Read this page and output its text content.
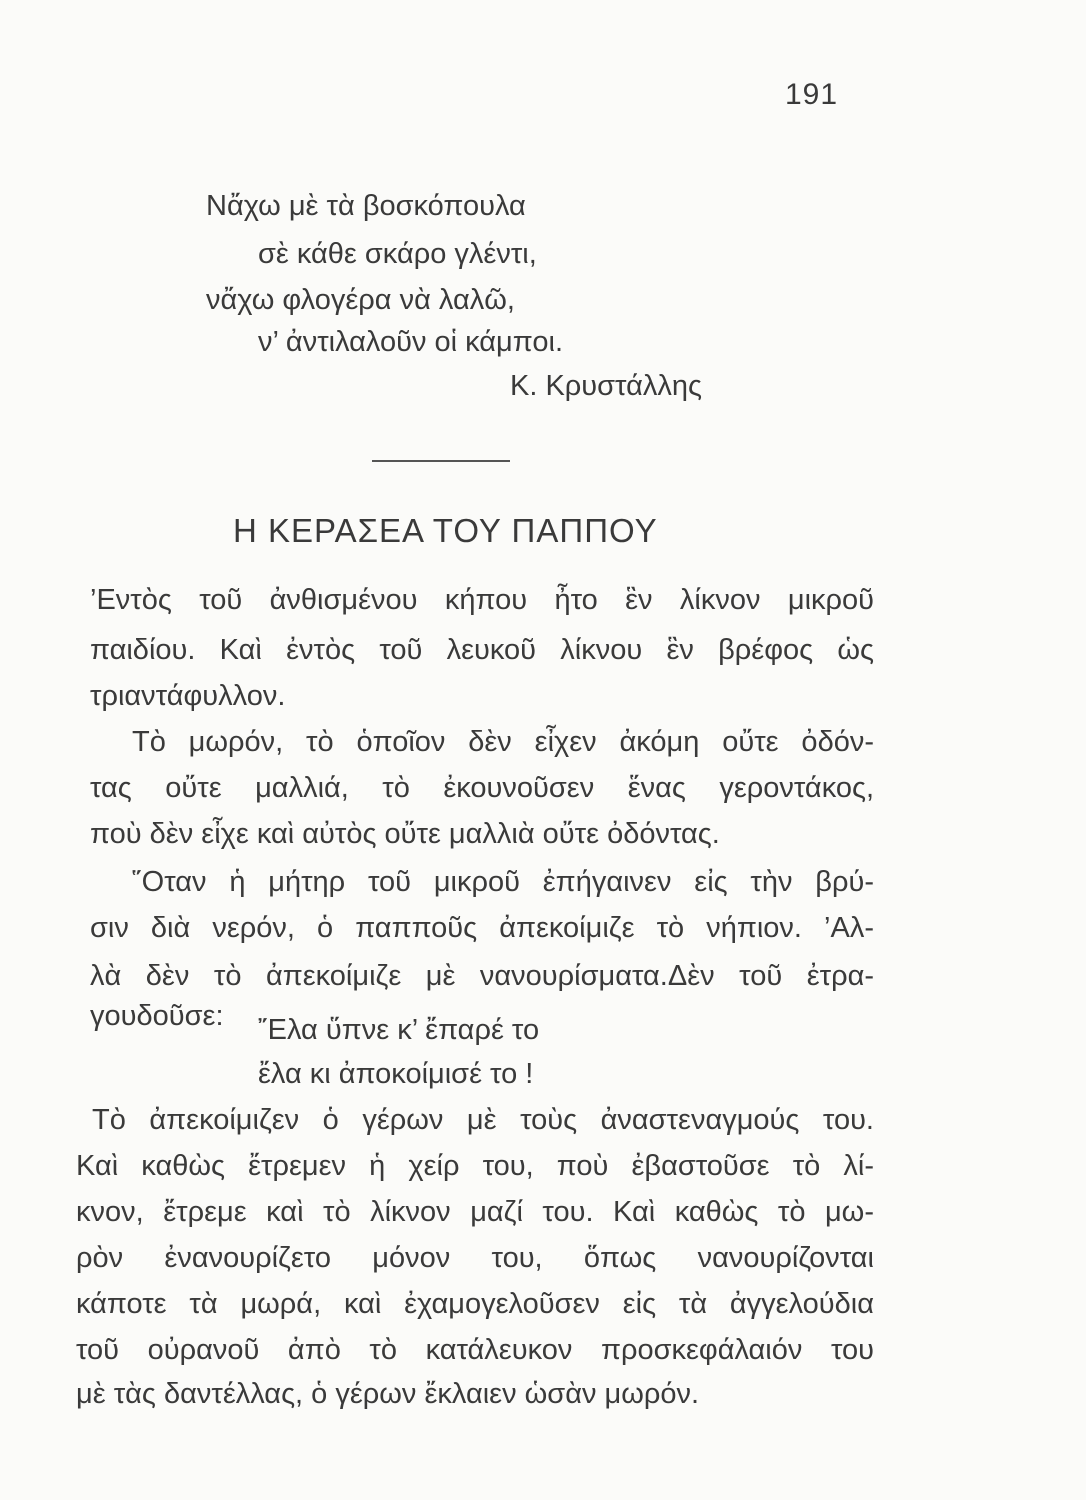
191
Νἄχω μὲ τὰ βοσκόπουλα
σὲ κάθε σκάρο γλέντι,
νἄχω φλογέρα νὰ λαλῶ,
ν’ ἀντιλαλοῦν οἱ κάμποι.
Κ. Κρυστάλλης
Η ΚΕΡΑΣΕΑ ΤΟΥ ΠΑΠΠΟΥ
’Εντὸς τοῦ ἀνθισμένου κήπου ἦτο ἓν λίκνον μικροῦ
παιδίου. Καὶ ἐντὸς τοῦ λευκοῦ λίκνου ἓν βρέφος ὡς
τριαντάφυλλον.
Τὸ μωρόν, τὸ ὁποῖον δὲν εἶχεν ἀκόμη οὔτε ὀδόν-
τας οὔτε μαλλιά, τὸ ἐκουνοῦσεν ἕνας γεροντάκος,
ποὺ δὲν εἶχε καὶ αὐτὸς οὔτε μαλλιὰ οὔτε ὀδόντας.
῞Οταν ἡ μήτηρ τοῦ μικροῦ ἐπήγαινεν εἰς τὴν βρύ-
σιν διὰ νερόν, ὁ παπποῦς ἀπεκοίμιζε τὸ νήπιον. ’Αλ-
λὰ δὲν τὸ ἀπεκοίμιζε μὲ νανουρίσματα.Δὲν τοῦ ἐτρα-
γουδοῦσε: ῎Ελα ὕπνε κ’ ἔπαρέ το
ἔλα κι ἀποκοίμισέ το !
Τὸ ἀπεκοίμιζεν ὁ γέρων μὲ τοὺς ἀναστεναγμούς του.
Καὶ καθὼς ἔτρεμεν ἡ χείρ του, ποὺ ἐβαστοῦσε τὸ λί-
κνον, ἔτρεμε καὶ τὸ λίκνον μαζί του. Καὶ καθὼς τὸ μω-
ρὸν ἐνανουρίζετο μόνον του, ὅπως νανουρίζονται
κάποτε τὰ μωρά, καὶ ἐχαμογελοῦσεν εἰς τὰ ἀγγελούδια
τοῦ οὐρανοῦ ἀπὸ τὸ κατάλευκον προσκεφάλαιόν του
μὲ τὰς δαντέλλας, ὁ γέρων ἔκλαιεν ὡσὰν μωρόν.
